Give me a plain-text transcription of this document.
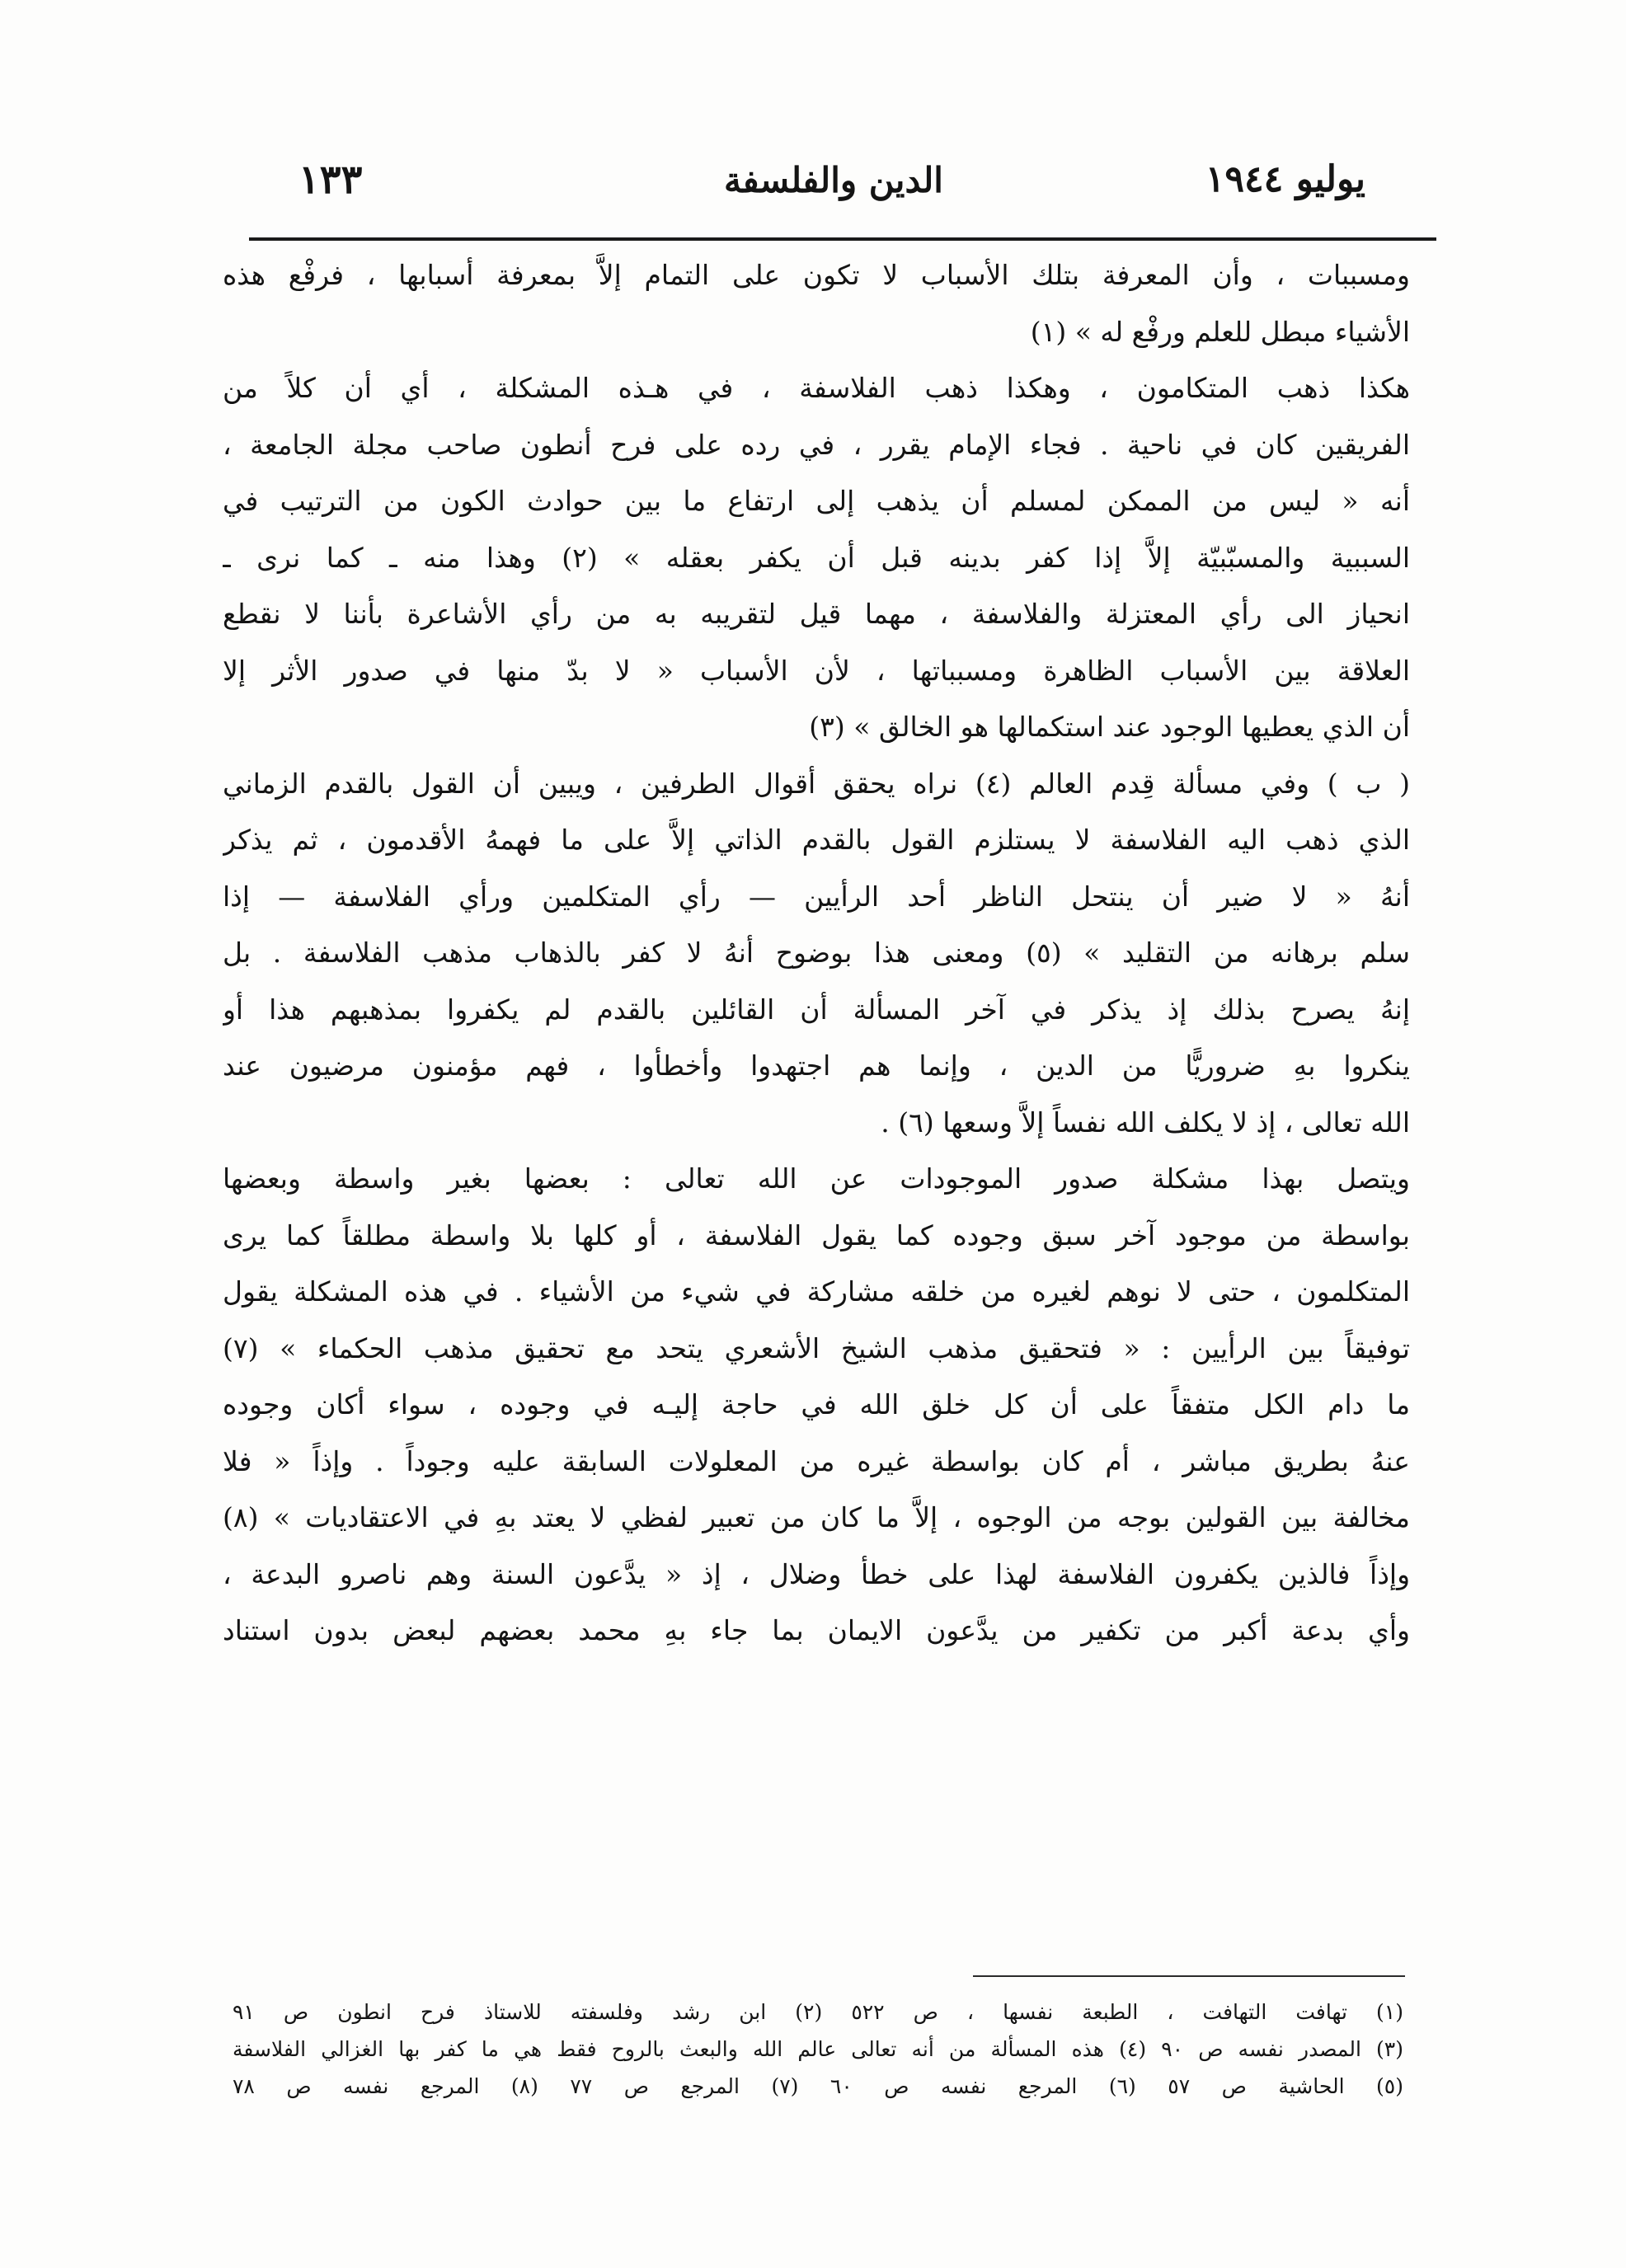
١٣٣	الدين والفلسفة	يوليو ١٩٤٤
ومسببات ، وأن المعرفة بتلك الأسباب لا تكون على التمام إلاَّ بمعرفة أسبابها ، فرفْع هذه
الأشياء مبطل للعلم ورفْع له » (١)
هكذا ذهب المتكامون ، وهكذا ذهب الفلاسفة ، في هـذه المشكلة ، أي أن كلاً من
الفريقين كان في ناحية . فجاء الإمام يقرر ، في رده على فرح أنطون صاحب مجلة الجامعة ،
أنه « ليس من الممكن لمسلم أن يذهب إلى ارتفاع ما بين حوادث الكون من الترتيب في
السببية والمسبّبيّة إلاَّ إذا كفر بدينه قبل أن يكفر بعقله » (٢) وهذا منه ـ كما نرى ـ
انحياز الى رأي المعتزلة والفلاسفة ، مهما قيل لتقريبه به من رأي الأشاعرة بأننا لا نقطع
العلاقة بين الأسباب الظاهرة ومسبباتها ، لأن الأسباب « لا بدّ منها في صدور الأثر إلا
أن الذي يعطيها الوجود عند استكمالها هو الخالق » (٣)
( ب ) وفي مسألة قِدم العالم (٤) نراه يحقق أقوال الطرفين ، ويبين أن القول بالقدم الزماني
الذي ذهب اليه الفلاسفة لا يستلزم القول بالقدم الذاتي إلاَّ على ما فهمهُ الأقدمون ، ثم يذكر
أنهُ « لا ضير أن ينتحل الناظر أحد الرأيين — رأي المتكلمين ورأي الفلاسفة — إذا
سلم برهانه من التقليد » (٥) ومعنى هذا بوضوح أنهُ لا كفر بالذهاب مذهب الفلاسفة . بل
إنهُ يصرح بذلك إذ يذكر في آخر المسألة أن القائلين بالقدم لم يكفروا بمذهبهم هذا أو
ينكروا بهِ ضروريًّا من الدين ، وإنما هم اجتهدوا وأخطأوا ، فهم مؤمنون مرضيون عند
الله تعالى ، إذ لا يكلف الله نفساً إلاَّ وسعها (٦) .
ويتصل بهذا مشكلة صدور الموجودات عن الله تعالى : بعضها بغير واسطة وبعضها
بواسطة من موجود آخر سبق وجوده كما يقول الفلاسفة ، أو كلها بلا واسطة مطلقاً كما يرى
المتكلمون ، حتى لا نوهم لغيره من خلقه مشاركة في شيء من الأشياء . في هذه المشكلة يقول
توفيقاً بين الرأيين : « فتحقيق مذهب الشيخ الأشعري يتحد مع تحقيق مذهب الحكماء » (٧)
ما دام الكل متفقاً على أن كل خلق الله في حاجة إليـه في وجوده ، سواء أكان وجوده
عنهُ بطريق مباشر ، أم كان بواسطة غيره من المعلولات السابقة عليه وجوداً . وإذاً « فلا
مخالفة بين القولين بوجه من الوجوه ، إلاَّ ما كان من تعبير لفظي لا يعتد بهِ في الاعتقاديات » (٨)
وإذاً فالذين يكفرون الفلاسفة لهذا على خطأ وضلال ، إذ « يدَّعون السنة وهم ناصرو البدعة ،
وأي بدعة أكبر من تكفير من يدَّعون الايمان بما جاء بهِ محمد بعضهم لبعض بدون استناد
(١) تهافت التهافت ، الطبعة نفسها ، ص ٥٢٢ (٢) ابن رشد وفلسفته للاستاذ فرح انطون ص ٩١
(٣) المصدر نفسه ص ٩٠ (٤) هذه المسألة من أنه تعالى عالم الله والبعث بالروح فقط هي ما كفر بها الغزالي الفلاسفة
(٥) الحاشية ص ٥٧ (٦) المرجع نفسه ص ٦٠ (٧) المرجع ص ٧٧ (٨) المرجع نفسه ص ٧٨
